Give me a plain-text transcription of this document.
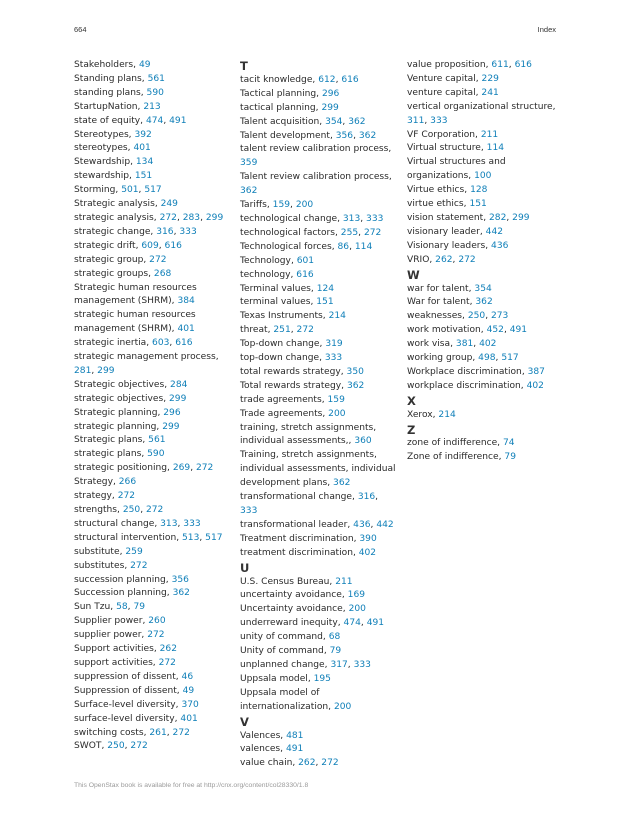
664	Index
Stakeholders, 49
Standing plans, 561
standing plans, 590
StartupNation, 213
state of equity, 474, 491
Stereotypes, 392
stereotypes, 401
Stewardship, 134
stewardship, 151
Storming, 501, 517
Strategic analysis, 249
strategic analysis, 272, 283, 299
strategic change, 316, 333
strategic drift, 609, 616
strategic group, 272
strategic groups, 268
Strategic human resources management (SHRM), 384
strategic human resources management (SHRM), 401
strategic inertia, 603, 616
strategic management process, 281, 299
Strategic objectives, 284
strategic objectives, 299
Strategic planning, 296
strategic planning, 299
Strategic plans, 561
strategic plans, 590
strategic positioning, 269, 272
Strategy, 266
strategy, 272
strengths, 250, 272
structural change, 313, 333
structural intervention, 513, 517
substitute, 259
substitutes, 272
succession planning, 356
Succession planning, 362
Sun Tzu, 58, 79
Supplier power, 260
supplier power, 272
Support activities, 262
support activities, 272
suppression of dissent, 46
Suppression of dissent, 49
Surface-level diversity, 370
surface-level diversity, 401
switching costs, 261, 272
SWOT, 250, 272
T
tacit knowledge, 612, 616
Tactical planning, 296
tactical planning, 299
Talent acquisition, 354, 362
Talent development, 356, 362
talent review calibration process, 359
Talent review calibration process, 362
Tariffs, 159, 200
technological change, 313, 333
technological factors, 255, 272
Technological forces, 86, 114
Technology, 601
technology, 616
Terminal values, 124
terminal values, 151
Texas Instruments, 214
threat, 251, 272
Top-down change, 319
top-down change, 333
total rewards strategy, 350
Total rewards strategy, 362
trade agreements, 159
Trade agreements, 200
training, stretch assignments, individual assessments,, 360
Training, stretch assignments, individual assessments, individual development plans, 362
transformational change, 316, 333
transformational leader, 436, 442
Treatment discrimination, 390
treatment discrimination, 402
U
U.S. Census Bureau, 211
uncertainty avoidance, 169
Uncertainty avoidance, 200
underreward inequity, 474, 491
unity of command, 68
Unity of command, 79
unplanned change, 317, 333
Uppsala model, 195
Uppsala model of internationalization, 200
V
Valences, 481
valences, 491
value chain, 262, 272
value proposition, 611, 616
Venture capital, 229
venture capital, 241
vertical organizational structure, 311, 333
VF Corporation, 211
Virtual structure, 114
Virtual structures and organizations, 100
Virtue ethics, 128
virtue ethics, 151
vision statement, 282, 299
visionary leader, 442
Visionary leaders, 436
VRIO, 262, 272
W
war for talent, 354
War for talent, 362
weaknesses, 250, 273
work motivation, 452, 491
work visa, 381, 402
working group, 498, 517
Workplace discrimination, 387
workplace discrimination, 402
X
Xerox, 214
Z
zone of indifference, 74
Zone of indifference, 79
This OpenStax book is available for free at http://cnx.org/content/col28330/1.8
